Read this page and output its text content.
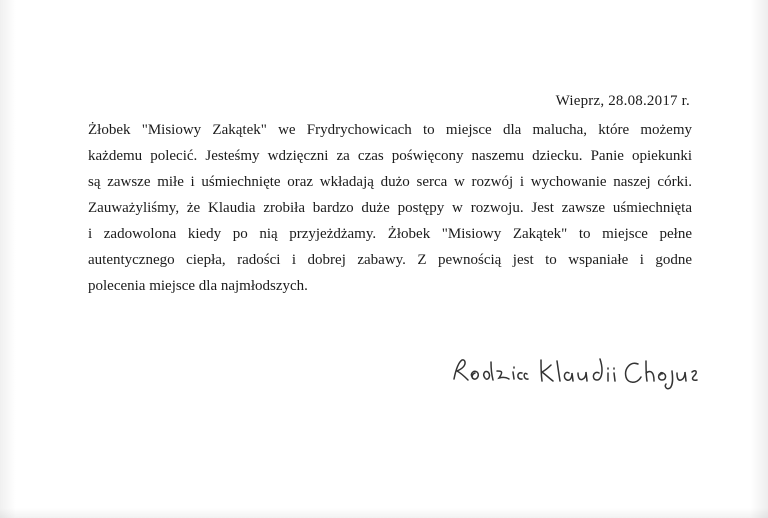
Wieprz, 28.08.2017 r.
Żłobek "Misiowy Zakątek" we Frydrychowicach to miejsce dla malucha, które możemy
każdemu polecić. Jesteśmy wdzięczni za czas poświęcony naszemu dziecku. Panie opiekunki
są zawsze miłe i uśmiechnięte oraz wkładają dużo serca w rozwój i wychowanie naszej córki.
Zauważyliśmy, że Klaudia zrobiła bardzo duże postępy w rozwoju. Jest zawsze uśmiechnięta
i zadowolona kiedy po nią przyjeżdżamy. Żłobek "Misiowy Zakątek" to miejsce pełne
autentycznego ciepła, radości i dobrej zabawy. Z pewnością jest to wspaniałe i godne
polecenia miejsce dla najmłodszych.
